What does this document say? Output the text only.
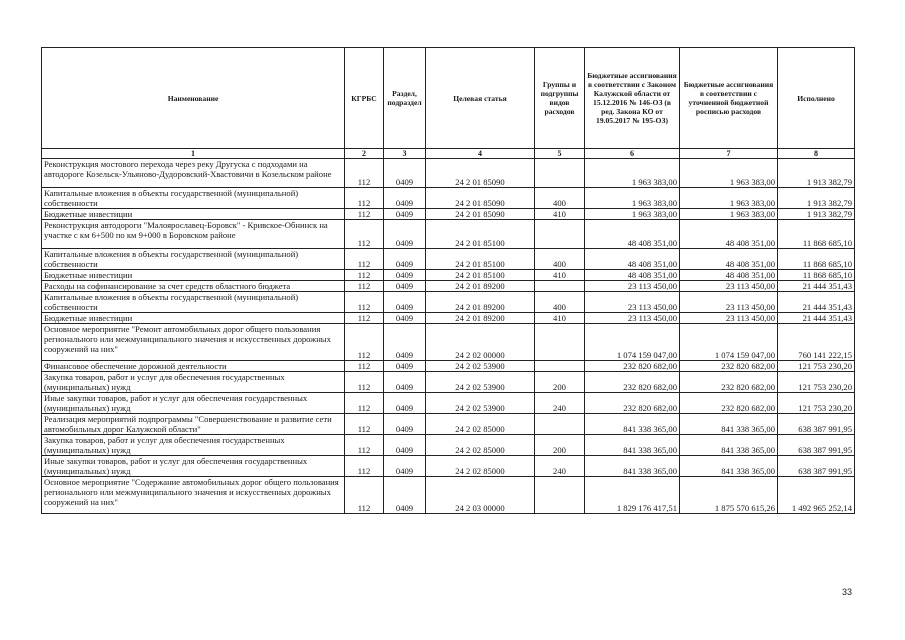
Наименование	КГРБС	Раздел, подраздел	Целевая статья	Группы и подгруппы видов расходов	Бюджетные ассигнования в соответствии с Законом Калужской области от 15.12.2016 № 146-ОЗ (в ред. Закона КО от 19.05.2017 № 195-ОЗ)	Бюджетные ассигнования в соответствии с уточненной бюджетной росписью расходов	Исполнено
1	2	3	4	5	6	7	8
Реконструкция мостового перехода через реку Другуска с подходами на автодороге Козельск-Ульяново-Дудоровский-Хвастовичи в Козельском районе	112	0409	24 2 01 85090		1 963 383,00	1 963 383,00	1 913 382,79
Капитальные вложения в объекты государственной (муниципальной) собственности	112	0409	24 2 01 85090	400	1 963 383,00	1 963 383,00	1 913 382,79
Бюджетные инвестиции	112	0409	24 2 01 85090	410	1 963 383,00	1 963 383,00	1 913 382,79
Реконструкция автодороги "Малоярославец-Боровск" - Кривское-Обнинск на участке с км 6+500 по км 9+000 в Боровском районе	112	0409	24 2 01 85100		48 408 351,00	48 408 351,00	11 868 685,10
Капитальные вложения в объекты государственной (муниципальной) собственности	112	0409	24 2 01 85100	400	48 408 351,00	48 408 351,00	11 868 685,10
Бюджетные инвестиции	112	0409	24 2 01 85100	410	48 408 351,00	48 408 351,00	11 868 685,10
Расходы на софинансирование за счет средств областного бюджета	112	0409	24 2 01 89200		23 113 450,00	23 113 450,00	21 444 351,43
Капитальные вложения в объекты государственной (муниципальной) собственности	112	0409	24 2 01 89200	400	23 113 450,00	23 113 450,00	21 444 351,43
Бюджетные инвестиции	112	0409	24 2 01 89200	410	23 113 450,00	23 113 450,00	21 444 351,43
Основное мероприятие "Ремонт автомобильных дорог общего пользования регионального или межмуниципального значения и искусственных дорожных сооружений на них"	112	0409	24 2 02 00000		1 074 159 047,00	1 074 159 047,00	760 141 222,15
Финансовое обеспечение дорожной деятельности	112	0409	24 2 02 53900		232 820 682,00	232 820 682,00	121 753 230,20
Закупка товаров, работ и услуг для обеспечения государственных (муниципальных) нужд	112	0409	24 2 02 53900	200	232 820 682,00	232 820 682,00	121 753 230,20
Иные закупки товаров, работ и услуг для обеспечения государственных (муниципальных) нужд	112	0409	24 2 02 53900	240	232 820 682,00	232 820 682,00	121 753 230,20
Реализация мероприятий подпрограммы "Совершенствование и развитие сети автомобильных дорог Калужской области"	112	0409	24 2 02 85000		841 338 365,00	841 338 365,00	638 387 991,95
Закупка товаров, работ и услуг для обеспечения государственных (муниципальных) нужд	112	0409	24 2 02 85000	200	841 338 365,00	841 338 365,00	638 387 991,95
Иные закупки товаров, работ и услуг для обеспечения государственных (муниципальных) нужд	112	0409	24 2 02 85000	240	841 338 365,00	841 338 365,00	638 387 991,95
Основное мероприятие "Содержание автомобильных дорог общего пользования регионального или межмуниципального значения и искусственных дорожных сооружений на них"	112	0409	24 2 03 00000		1 829 176 417,51	1 875 570 615,26	1 492 965 252,14
33
